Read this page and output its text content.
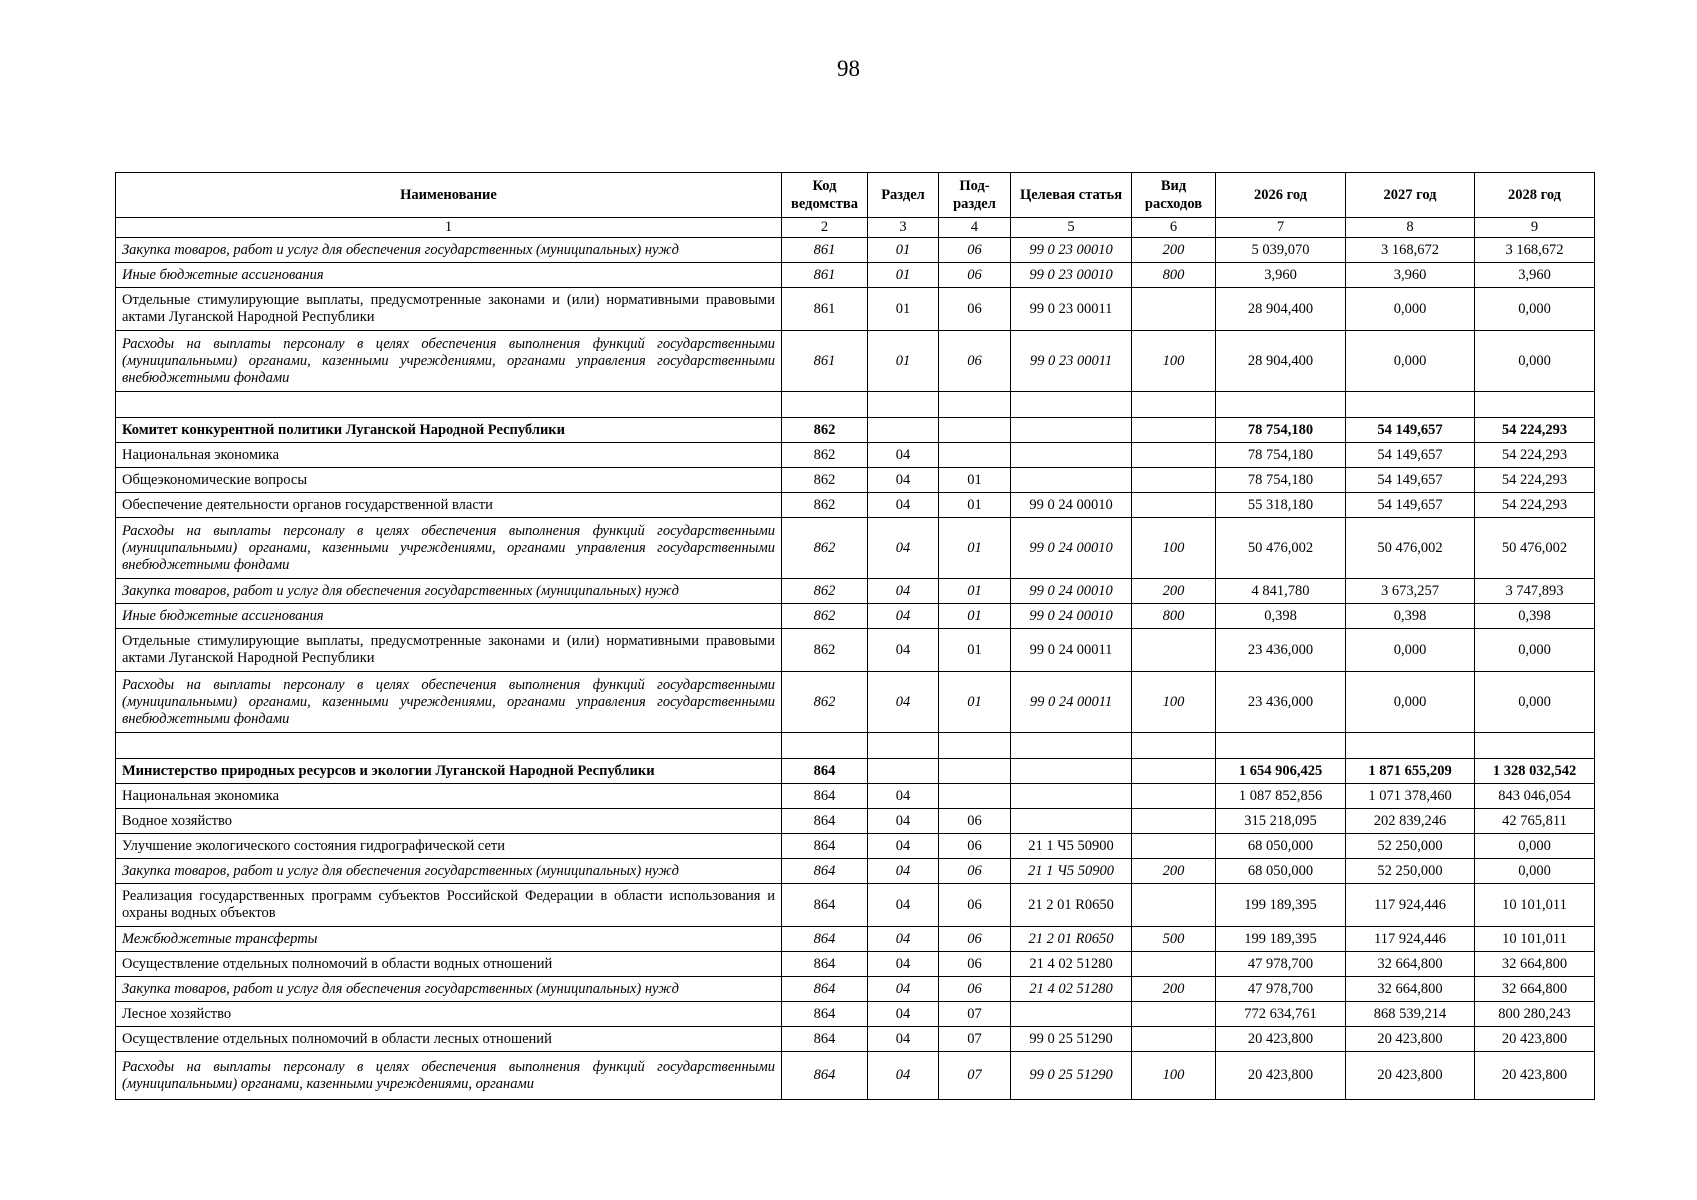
98
Наименование	Код ведомства	Раздел	Под-раздел	Целевая статья	Вид расходов	2026 год	2027 год	2028 год
1	2	3	4	5	6	7	8	9
Закупка товаров, работ и услуг для обеспечения государственных (муниципальных) нужд	861	01	06	99 0 23 00010	200	5 039,070	3 168,672	3 168,672
Иные бюджетные ассигнования	861	01	06	99 0 23 00010	800	3,960	3,960	3,960
Отдельные стимулирующие выплаты, предусмотренные законами и (или) нормативными правовыми актами Луганской Народной Республики	861	01	06	99 0 23 00011		28 904,400	0,000	0,000
Расходы на выплаты персоналу в целях обеспечения выполнения функций государственными (муниципальными) органами, казенными учреждениями, органами управления государственными внебюджетными фондами	861	01	06	99 0 23 00011	100	28 904,400	0,000	0,000

Комитет конкурентной политики Луганской Народной Республики	862					78 754,180	54 149,657	54 224,293
Национальная экономика	862	04				78 754,180	54 149,657	54 224,293
Общеэкономические вопросы	862	04	01			78 754,180	54 149,657	54 224,293
Обеспечение деятельности органов государственной власти	862	04	01	99 0 24 00010		55 318,180	54 149,657	54 224,293
Расходы на выплаты персоналу в целях обеспечения выполнения функций государственными (муниципальными) органами, казенными учреждениями, органами управления государственными внебюджетными фондами	862	04	01	99 0 24 00010	100	50 476,002	50 476,002	50 476,002
Закупка товаров, работ и услуг для обеспечения государственных (муниципальных) нужд	862	04	01	99 0 24 00010	200	4 841,780	3 673,257	3 747,893
Иные бюджетные ассигнования	862	04	01	99 0 24 00010	800	0,398	0,398	0,398
Отдельные стимулирующие выплаты, предусмотренные законами и (или) нормативными правовыми актами Луганской Народной Республики	862	04	01	99 0 24 00011		23 436,000	0,000	0,000
Расходы на выплаты персоналу в целях обеспечения выполнения функций государственными (муниципальными) органами, казенными учреждениями, органами управления государственными внебюджетными фондами	862	04	01	99 0 24 00011	100	23 436,000	0,000	0,000

Министерство природных ресурсов и экологии Луганской Народной Республики	864					1 654 906,425	1 871 655,209	1 328 032,542
Национальная экономика	864	04				1 087 852,856	1 071 378,460	843 046,054
Водное хозяйство	864	04	06			315 218,095	202 839,246	42 765,811
Улучшение экологического состояния гидрографической сети	864	04	06	21 1 Ч5 50900		68 050,000	52 250,000	0,000
Закупка товаров, работ и услуг для обеспечения государственных (муниципальных) нужд	864	04	06	21 1 Ч5 50900	200	68 050,000	52 250,000	0,000
Реализация государственных программ субъектов Российской Федерации в области использования и охраны водных объектов	864	04	06	21 2 01 R0650		199 189,395	117 924,446	10 101,011
Межбюджетные трансферты	864	04	06	21 2 01 R0650	500	199 189,395	117 924,446	10 101,011
Осуществление отдельных полномочий в области водных отношений	864	04	06	21 4 02 51280		47 978,700	32 664,800	32 664,800
Закупка товаров, работ и услуг для обеспечения государственных (муниципальных) нужд	864	04	06	21 4 02 51280	200	47 978,700	32 664,800	32 664,800
Лесное хозяйство	864	04	07			772 634,761	868 539,214	800 280,243
Осуществление отдельных полномочий в области лесных отношений	864	04	07	99 0 25 51290		20 423,800	20 423,800	20 423,800
Расходы на выплаты персоналу в целях обеспечения выполнения функций государственными (муниципальными) органами, казенными учреждениями, органами	864	04	07	99 0 25 51290	100	20 423,800	20 423,800	20 423,800
